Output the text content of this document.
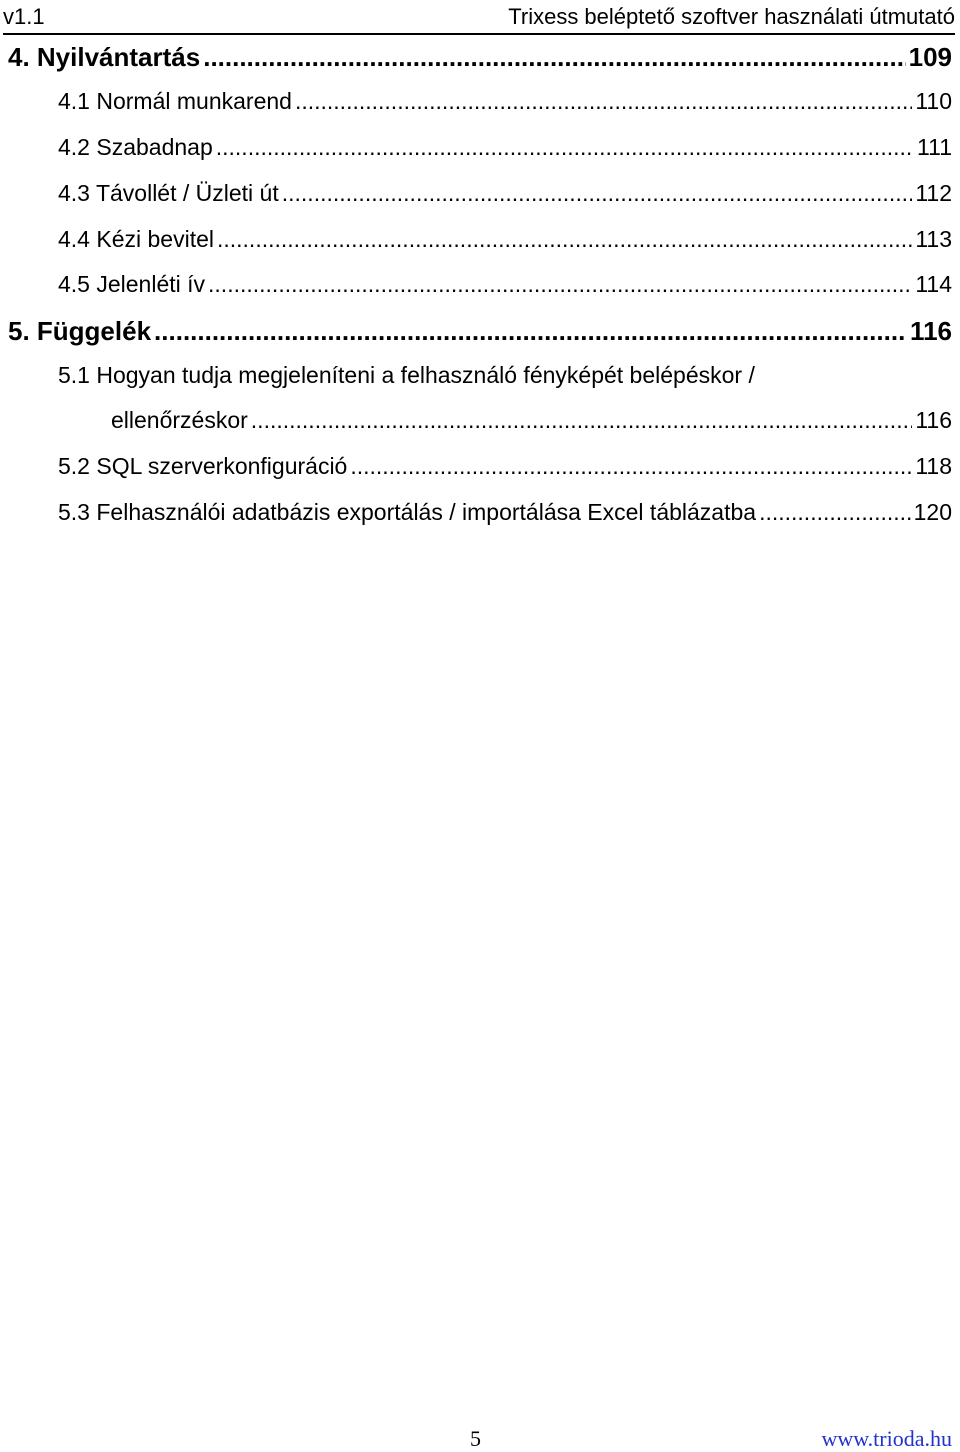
v1.1	Trixess beléptető szoftver használati útmutató
4. Nyilvántartás .....	109
4.1 Normál munkarend .....	110
4.2 Szabadnap .....	111
4.3 Távollét / Üzleti út .....	112
4.4 Kézi bevitel .....	113
4.5 Jelenléti ív .....	114
5. Függelék .....	116
5.1 Hogyan tudja megjeleníteni a felhasználó fényképét belépéskor /
ellenőrzéskor .....	116
5.2 SQL szerverkonfiguráció .....	118
5.3 Felhasználói adatbázis exportálás / importálása Excel táblázatba .....	120
5	www.trioda.hu
